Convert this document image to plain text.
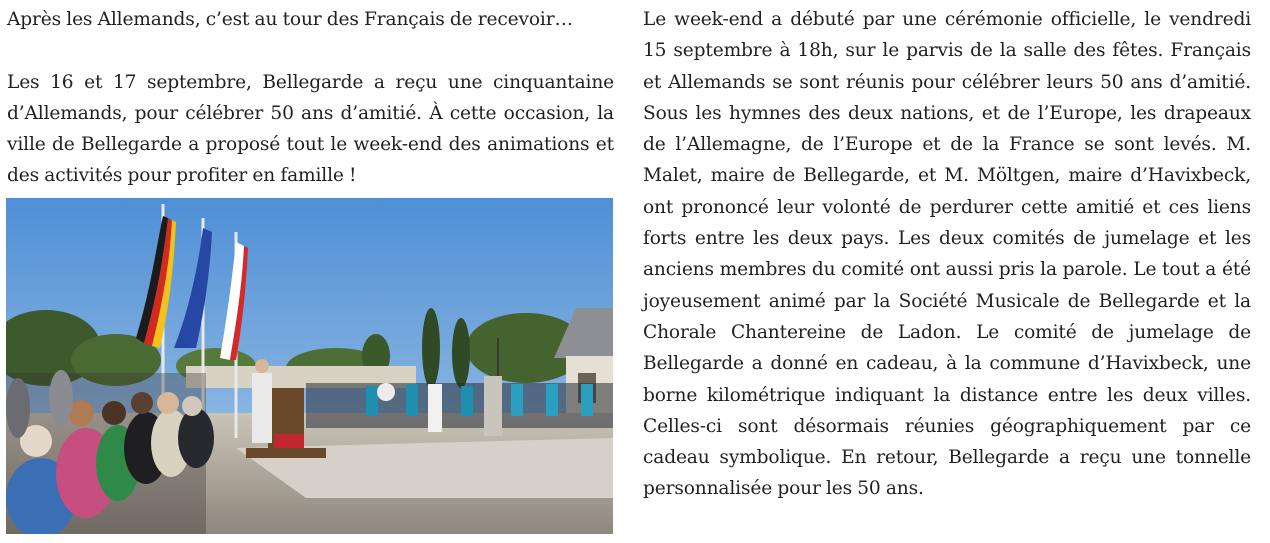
Après les Allemands, c’est au tour des Français de recevoir…

Les 16 et 17 septembre, Bellegarde a reçu une cinquantaine d’Allemands, pour célébrer 50 ans d’amitié. À cette occasion, la ville de Bellegarde a proposé tout le week-end des animations et des activités pour profiter en famille !

Le week-end a débuté par une cérémonie officielle, le vendredi 15 septembre à 18h, sur le parvis de la salle des fêtes. Français et Allemands se sont réunis pour célébrer leurs 50 ans d’amitié. Sous les hymnes des deux nations, et de l’Europe, les drapeaux de l’Allemagne, de l’Europe et de la France se sont levés. M. Malet, maire de Bellegarde, et M. Möltgen, maire d’Havixbeck, ont prononcé leur volonté de perdurer cette amitié et ces liens forts entre les deux pays. Les deux comités de jumelage et les anciens membres du comité ont aussi pris la parole. Le tout a été joyeusement animé par la Société Musicale de Bellegarde et la Chorale Chantereine de Ladon. Le comité de jumelage de Bellegarde a donné en cadeau, à la commune d’Havixbeck, une borne kilométrique indiquant la distance entre les deux villes. Celles-ci sont désormais réunies géographiquement par ce cadeau symbolique. En retour, Bellegarde a reçu une tonnelle personnalisée pour les 50 ans.
